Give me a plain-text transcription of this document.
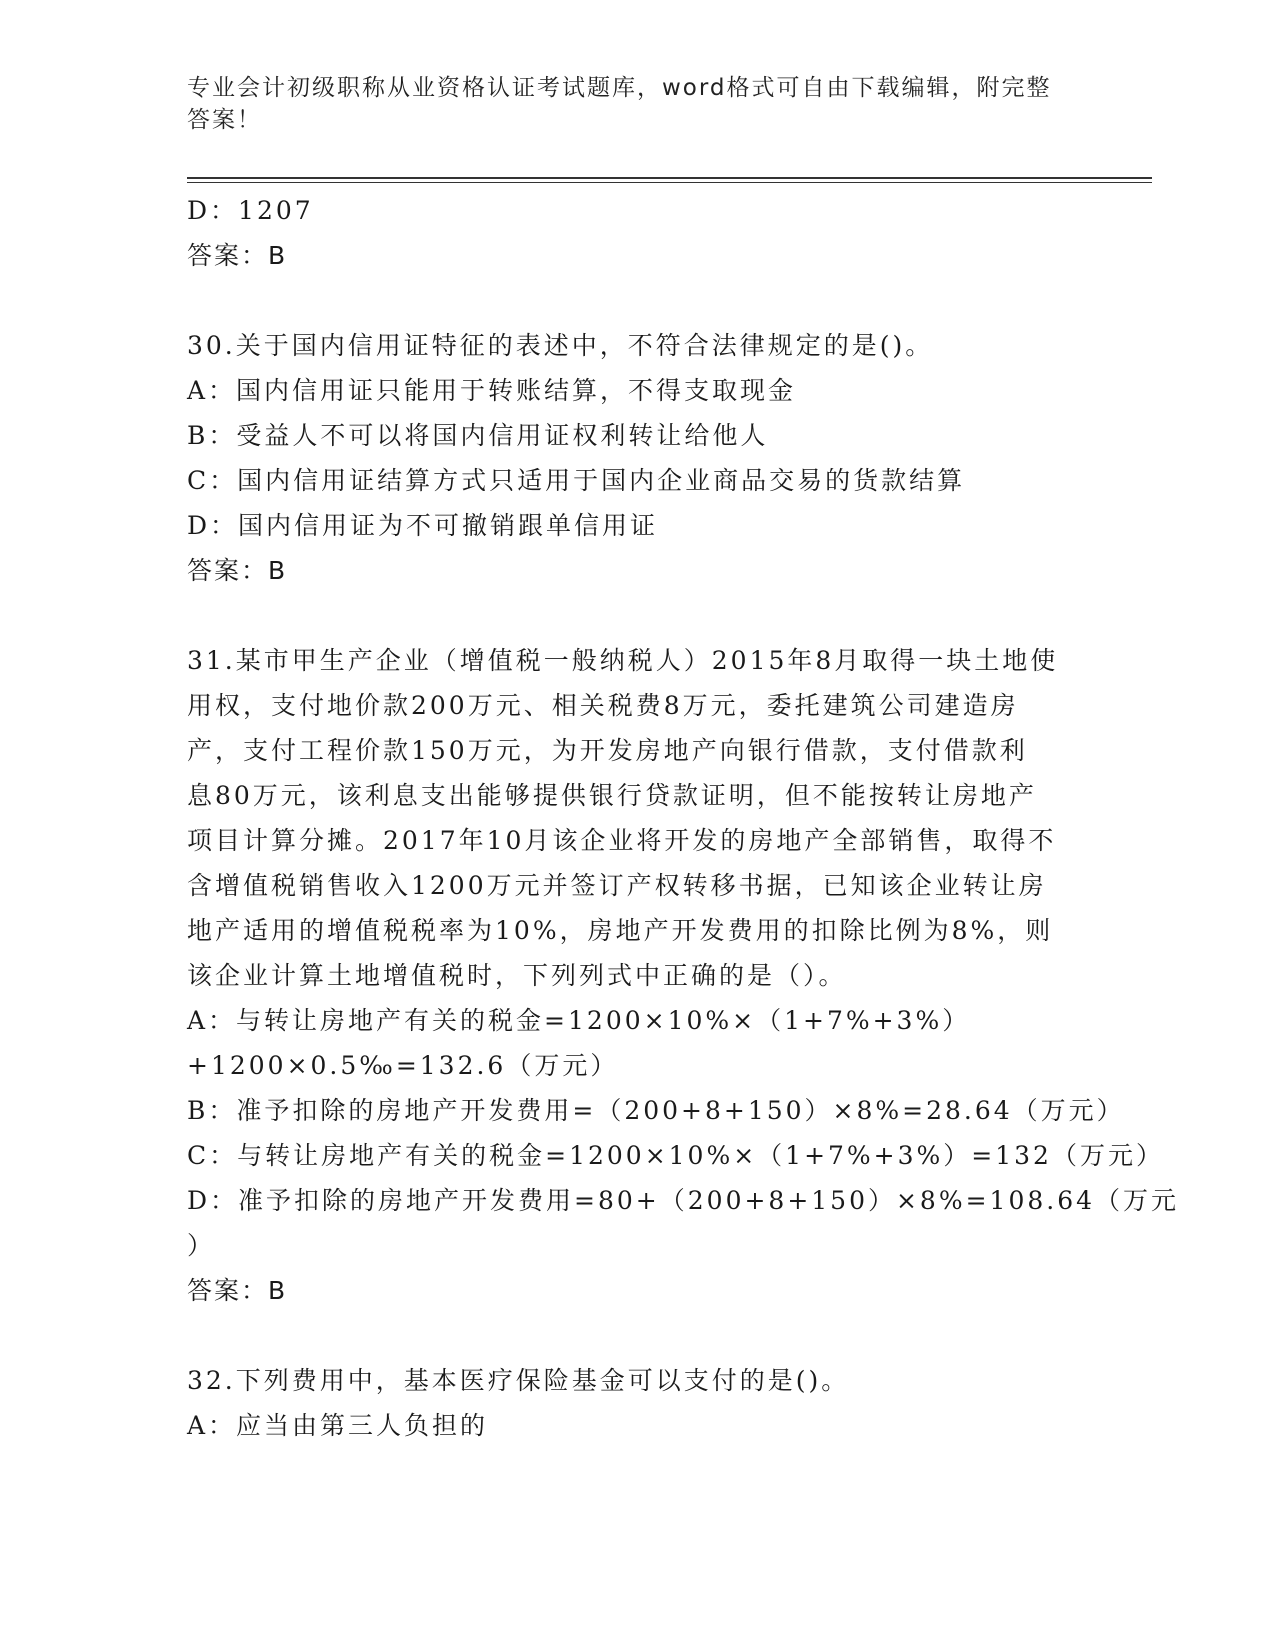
专业会计初级职称从业资格认证考试题库，word格式可自由下载编辑，附完整答案！
D：1207
答案：B
30.关于国内信用证特征的表述中，不符合法律规定的是()。
A：国内信用证只能用于转账结算，不得支取现金
B：受益人不可以将国内信用证权利转让给他人
C：国内信用证结算方式只适用于国内企业商品交易的货款结算
D：国内信用证为不可撤销跟单信用证
答案：B
31.某市甲生产企业（增值税一般纳税人）2015年8月取得一块土地使
用权，支付地价款200万元、相关税费8万元，委托建筑公司建造房
产，支付工程价款150万元，为开发房地产向银行借款，支付借款利
息80万元，该利息支出能够提供银行贷款证明，但不能按转让房地产
项目计算分摊。2017年10月该企业将开发的房地产全部销售，取得不
含增值税销售收入1200万元并签订产权转移书据，已知该企业转让房
地产适用的增值税税率为10%，房地产开发费用的扣除比例为8%，则
该企业计算土地增值税时，下列列式中正确的是（）。
A：与转让房地产有关的税金=1200×10%×（1+7%+3%）
+1200×0.5‰=132.6（万元）
B：准予扣除的房地产开发费用=（200+8+150）×8%=28.64（万元）
C：与转让房地产有关的税金=1200×10%×（1+7%+3%）=132（万元）
D：准予扣除的房地产开发费用=80+（200+8+150）×8%=108.64（万元
）
答案：B
32.下列费用中，基本医疗保险基金可以支付的是()。
A：应当由第三人负担的
